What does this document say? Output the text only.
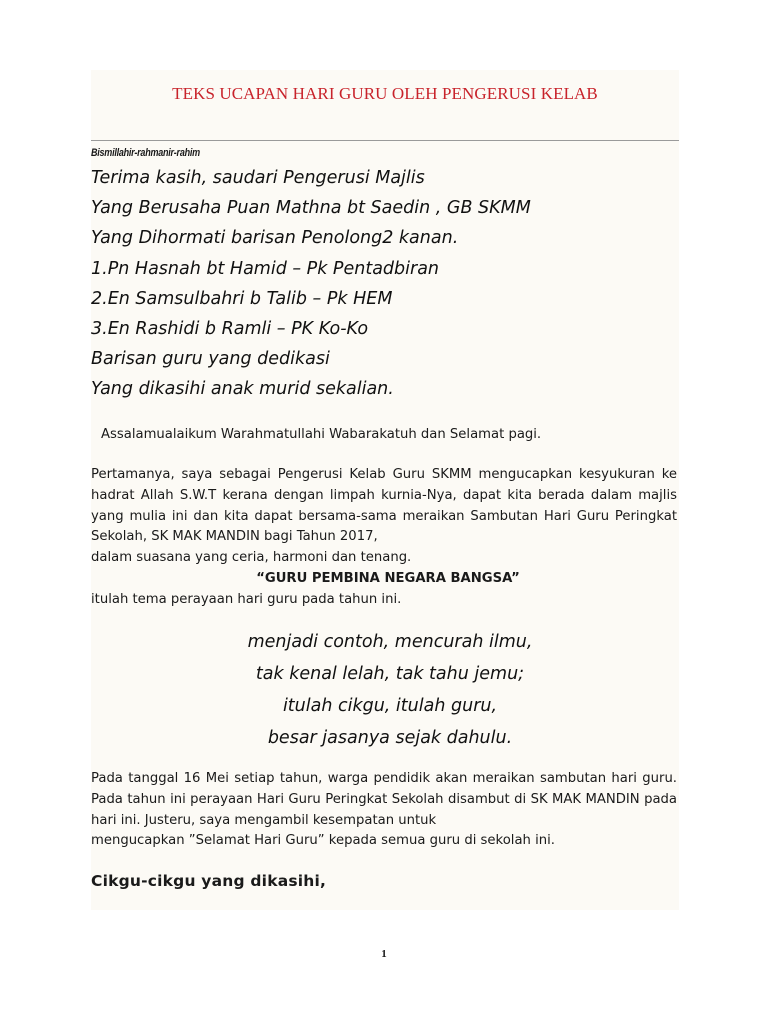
TEKS UCAPAN HARI GURU OLEH PENGERUSI KELAB
Bismillahir-rahmanir-rahim
Terima kasih, saudari Pengerusi Majlis
Yang Berusaha Puan Mathna bt Saedin , GB SKMM
Yang Dihormati barisan Penolong2 kanan.
1.Pn Hasnah bt Hamid – Pk Pentadbiran
2.En Samsulbahri b Talib – Pk HEM
3.En Rashidi b Ramli – PK Ko-Ko
Barisan guru yang dedikasi
Yang dikasihi anak murid sekalian.
Assalamualaikum Warahmatullahi Wabarakatuh dan Selamat pagi.

Pertamanya, saya sebagai Pengerusi Kelab Guru SKMM mengucapkan kesyukuran ke hadrat Allah S.W.T kerana dengan limpah kurnia-Nya, dapat kita berada dalam majlis yang mulia ini dan kita dapat bersama-sama meraikan Sambutan Hari Guru Peringkat Sekolah, SK MAK MANDIN bagi Tahun 2017,
dalam suasana yang ceria, harmoni dan tenang.

“GURU PEMBINA NEGARA BANGSA”
itulah tema perayaan hari guru pada tahun ini.
menjadi contoh, mencurah ilmu,
tak kenal lelah, tak tahu jemu;
itulah cikgu, itulah guru,
besar jasanya sejak dahulu.

Pada tanggal 16 Mei setiap tahun, warga pendidik akan meraikan sambutan hari guru. Pada tahun ini perayaan Hari Guru Peringkat Sekolah disambut di SK MAK MANDIN pada hari ini. Justeru, saya mengambil kesempatan untuk
mengucapkan ”Selamat Hari Guru” kepada semua guru di sekolah ini.

Cikgu-cikgu yang dikasihi,
1
